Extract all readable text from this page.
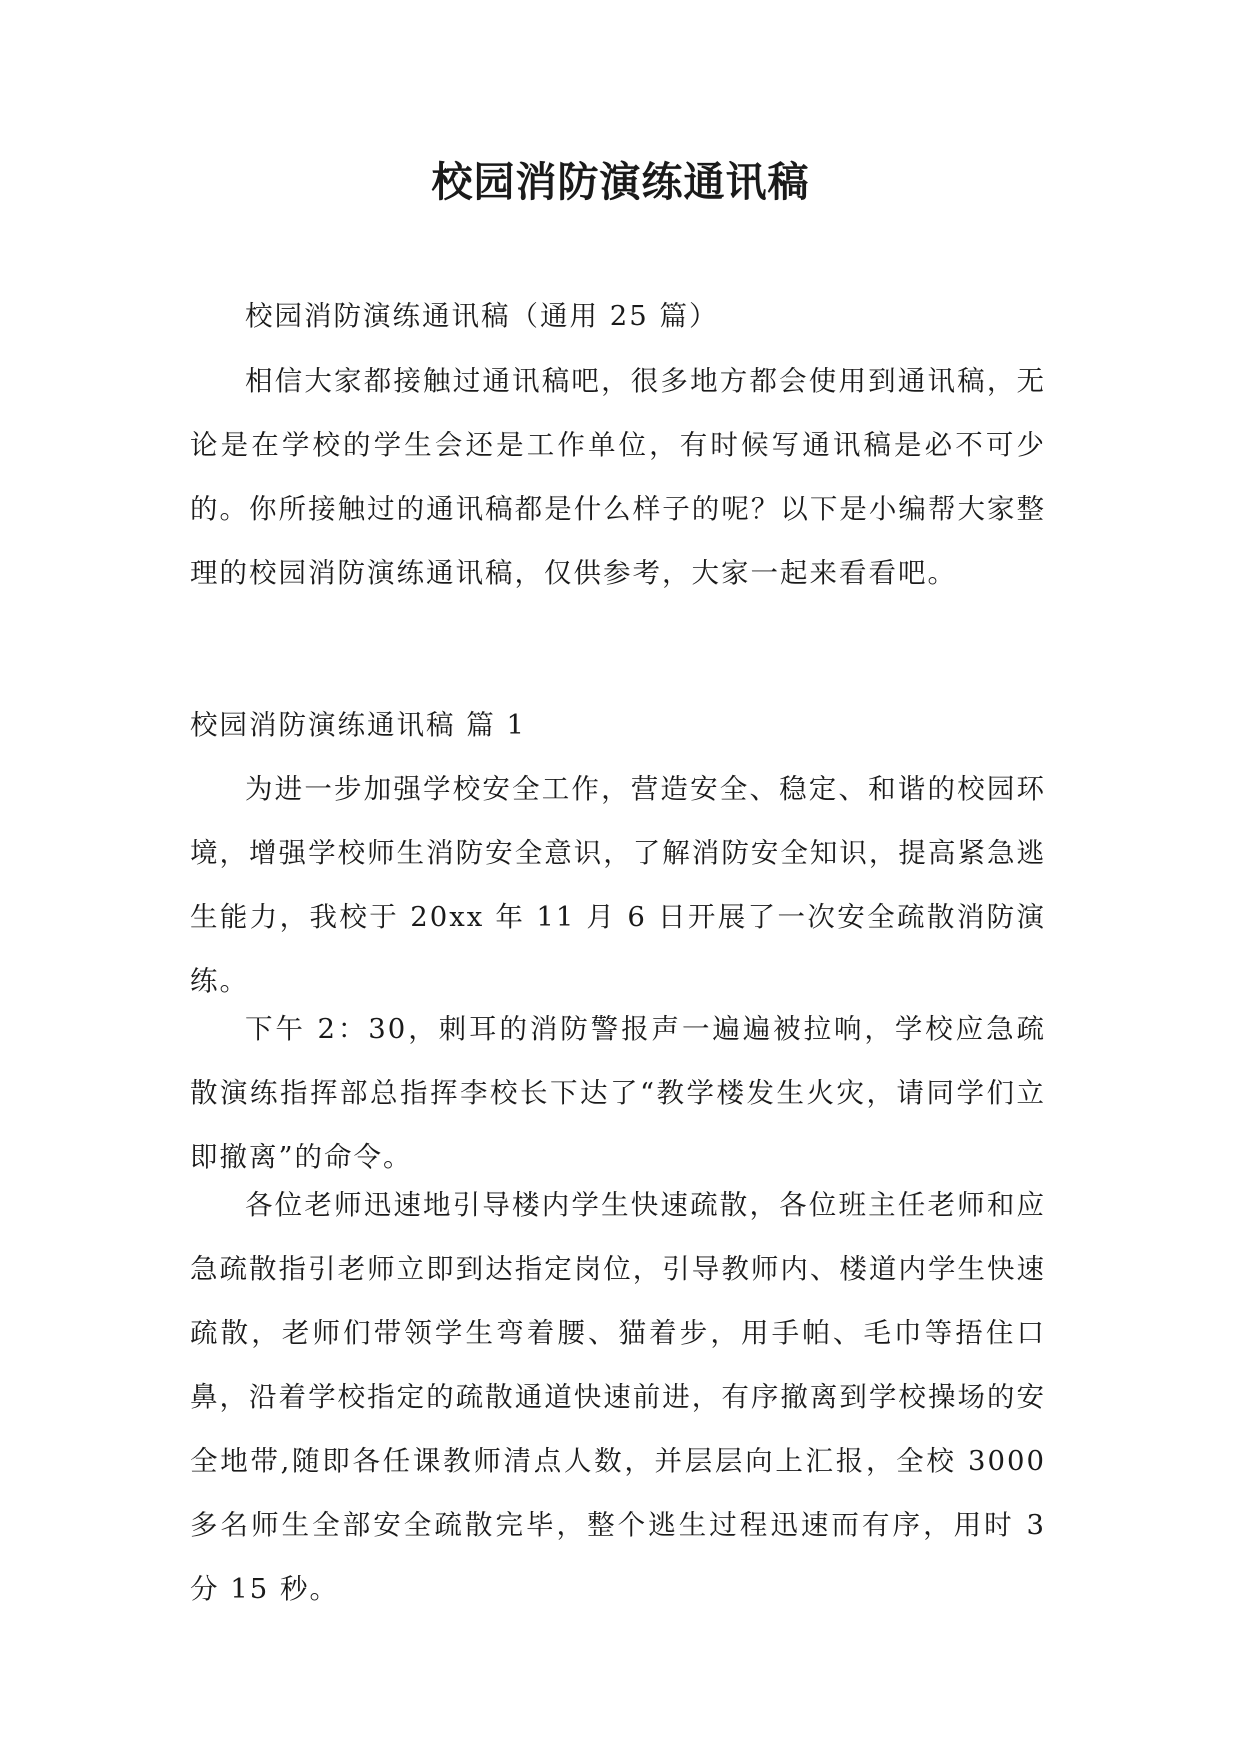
校园消防演练通讯稿

校园消防演练通讯稿（通用 25 篇）

相信大家都接触过通讯稿吧，很多地方都会使用到通讯稿，无论是在学校的学生会还是工作单位，有时候写通讯稿是必不可少的。你所接触过的通讯稿都是什么样子的呢？以下是小编帮大家整理的校园消防演练通讯稿，仅供参考，大家一起来看看吧。

校园消防演练通讯稿 篇 1

为进一步加强学校安全工作，营造安全、稳定、和谐的校园环境，增强学校师生消防安全意识，了解消防安全知识，提高紧急逃生能力，我校于 20xx 年 11 月 6 日开展了一次安全疏散消防演练。

下午 2：30，刺耳的消防警报声一遍遍被拉响，学校应急疏散演练指挥部总指挥李校长下达了“教学楼发生火灾，请同学们立即撤离”的命令。

各位老师迅速地引导楼内学生快速疏散，各位班主任老师和应急疏散指引老师立即到达指定岗位，引导教师内、楼道内学生快速疏散，老师们带领学生弯着腰、猫着步，用手帕、毛巾等捂住口鼻，沿着学校指定的疏散通道快速前进，有序撤离到学校操场的安全地带,随即各任课教师清点人数，并层层向上汇报，全校 3000 多名师生全部安全疏散完毕，整个逃生过程迅速而有序，用时 3 分 15 秒。
